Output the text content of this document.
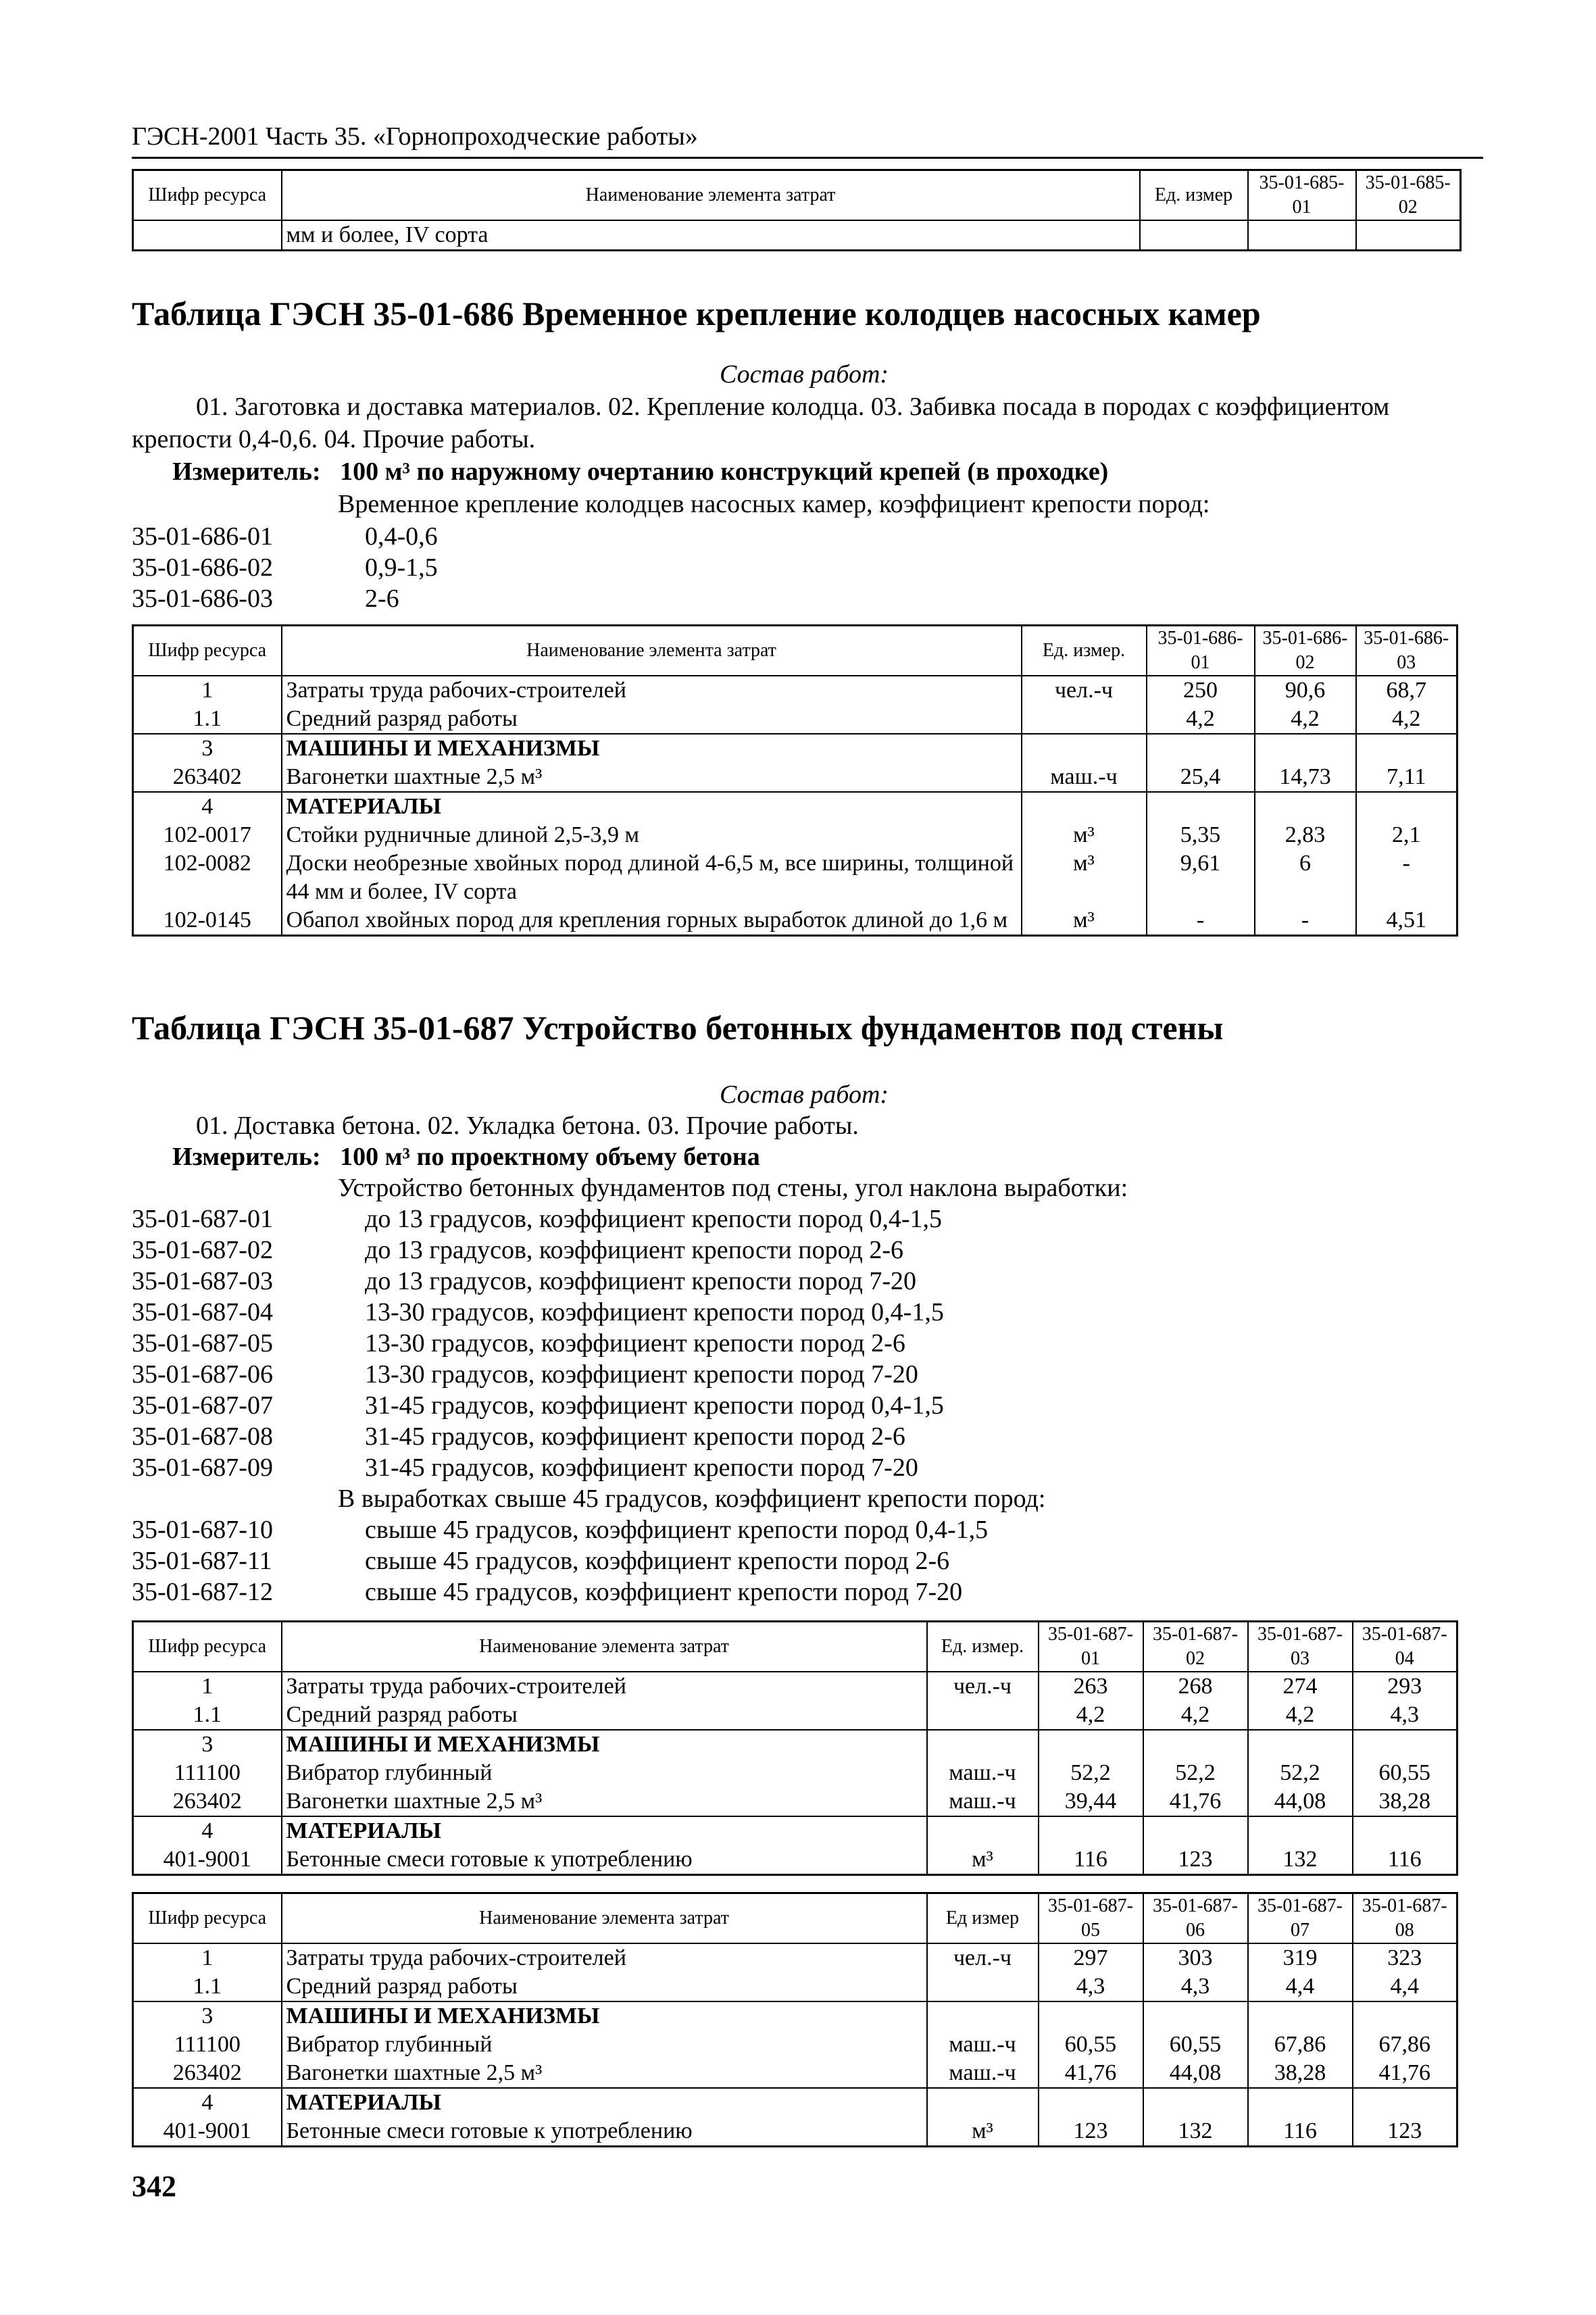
ГЭСН-2001 Часть 35. «Горнопроходческие работы»
Шифр ресурса	Наименование элемента затрат	Ед. измер	35-01-685-01	35-01-685-02
	мм и более, IV сорта			
Таблица ГЭСН 35-01-686 Временное крепление колодцев насосных камер
Состав работ:
01. Заготовка и доставка материалов. 02. Крепление колодца. 03. Забивка посада в породах с коэффициентом
крепости 0,4-0,6. 04. Прочие работы.
Измеритель: 100 м³ по наружному очертанию конструкций крепей (в проходке)
Временное крепление колодцев насосных камер, коэффициент крепости пород:
35-01-686-01	0,4-0,6
35-01-686-02	0,9-1,5
35-01-686-03	2-6
Шифр ресурса	Наименование элемента затрат	Ед. измер.	35-01-686-01	35-01-686-02	35-01-686-03
1	Затраты труда рабочих-строителей	чел.-ч	250	90,6	68,7
1.1	Средний разряд работы		4,2	4,2	4,2
3	МАШИНЫ И МЕХАНИЗМЫ				
263402	Вагонетки шахтные 2,5 м³	маш.-ч	25,4	14,73	7,11
4	МАТЕРИАЛЫ				
102-0017	Стойки рудничные длиной 2,5-3,9 м	м³	5,35	2,83	2,1
102-0082	Доски необрезные хвойных пород длиной 4-6,5 м, все ширины, толщиной 44 мм и более, IV сорта	м³	9,61	6	-
102-0145	Обапол хвойных пород для крепления горных выработок длиной до 1,6 м	м³	-	-	4,51
Таблица ГЭСН 35-01-687 Устройство бетонных фундаментов под стены
Состав работ:
01. Доставка бетона. 02. Укладка бетона. 03. Прочие работы.
Измеритель: 100 м³ по проектному объему бетона
Устройство бетонных фундаментов под стены, угол наклона выработки:
35-01-687-01	до 13 градусов, коэффициент крепости пород 0,4-1,5
35-01-687-02	до 13 градусов, коэффициент крепости пород 2-6
35-01-687-03	до 13 градусов, коэффициент крепости пород 7-20
35-01-687-04	13-30 градусов, коэффициент крепости пород 0,4-1,5
35-01-687-05	13-30 градусов, коэффициент крепости пород 2-6
35-01-687-06	13-30 градусов, коэффициент крепости пород 7-20
35-01-687-07	31-45 градусов, коэффициент крепости пород 0,4-1,5
35-01-687-08	31-45 градусов, коэффициент крепости пород 2-6
35-01-687-09	31-45 градусов, коэффициент крепости пород 7-20
В выработках свыше 45 градусов, коэффициент крепости пород:
35-01-687-10	свыше 45 градусов, коэффициент крепости пород 0,4-1,5
35-01-687-11	свыше 45 градусов, коэффициент крепости пород 2-6
35-01-687-12	свыше 45 градусов, коэффициент крепости пород 7-20
Шифр ресурса	Наименование элемента затрат	Ед. измер.	35-01-687-01	35-01-687-02	35-01-687-03	35-01-687-04
1	Затраты труда рабочих-строителей	чел.-ч	263	268	274	293
1.1	Средний разряд работы		4,2	4,2	4,2	4,3
3	МАШИНЫ И МЕХАНИЗМЫ					
111100	Вибратор глубинный	маш.-ч	52,2	52,2	52,2	60,55
263402	Вагонетки шахтные 2,5 м³	маш.-ч	39,44	41,76	44,08	38,28
4	МАТЕРИАЛЫ					
401-9001	Бетонные смеси готовые к употреблению	м³	116	123	132	116
Шифр ресурса	Наименование элемента затрат	Ед измер	35-01-687-05	35-01-687-06	35-01-687-07	35-01-687-08
1	Затраты труда рабочих-строителей	чел.-ч	297	303	319	323
1.1	Средний разряд работы		4,3	4,3	4,4	4,4
3	МАШИНЫ И МЕХАНИЗМЫ					
111100	Вибратор глубинный	маш.-ч	60,55	60,55	67,86	67,86
263402	Вагонетки шахтные 2,5 м³	маш.-ч	41,76	44,08	38,28	41,76
4	МАТЕРИАЛЫ					
401-9001	Бетонные смеси готовые к употреблению	м³	123	132	116	123
342
